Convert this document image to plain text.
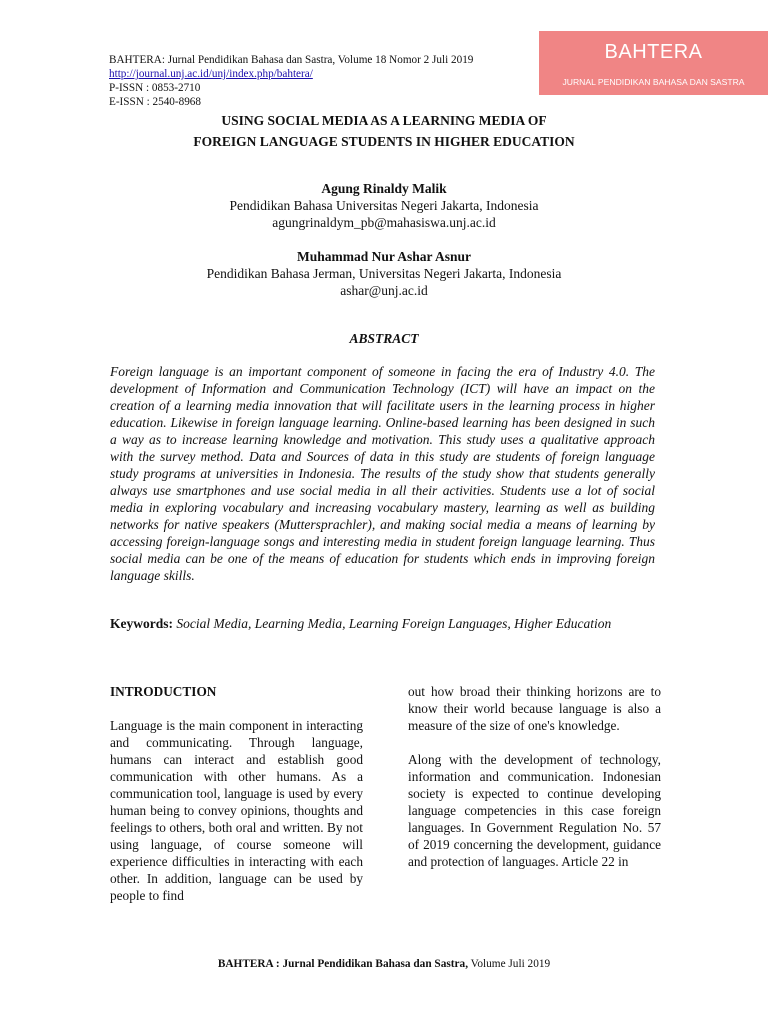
BAHTERA: Jurnal Pendidikan Bahasa dan Sastra, Volume 18 Nomor 2 Juli 2019
http://journal.unj.ac.id/unj/index.php/bahtera/
P-ISSN : 0853-2710
E-ISSN : 2540-8968
BAHTERA
JURNAL PENDIDIKAN BAHASA DAN SASTRA
USING SOCIAL MEDIA AS A LEARNING MEDIA OF
FOREIGN LANGUAGE STUDENTS IN HIGHER EDUCATION
Agung Rinaldy Malik
Pendidikan Bahasa Universitas Negeri Jakarta, Indonesia
agungrinaldym_pb@mahasiswa.unj.ac.id
Muhammad Nur Ashar Asnur
Pendidikan Bahasa Jerman, Universitas Negeri Jakarta, Indonesia
ashar@unj.ac.id
ABSTRACT
Foreign language is an important component of someone in facing the era of Industry 4.0. The development of Information and Communication Technology (ICT) will have an impact on the creation of a learning media innovation that will facilitate users in the learning process in higher education. Likewise in foreign language learning. Online-based learning has been designed in such a way as to increase learning knowledge and motivation. This study uses a qualitative approach with the survey method. Data and Sources of data in this study are students of foreign language study programs at universities in Indonesia. The results of the study show that students generally always use smartphones and use social media in all their activities. Students use a lot of social media in exploring vocabulary and increasing vocabulary mastery, learning as well as building networks for native speakers (Muttersprachler), and making social media a means of learning by accessing foreign-language songs and interesting media in student foreign language learning. Thus social media can be one of the means of education for students which ends in improving foreign language skills.
Keywords: Social Media, Learning Media, Learning Foreign Languages, Higher Education
INTRODUCTION

Language is the main component in interacting and communicating. Through language, humans can interact and establish good communication with other humans. As a communication tool, language is used by every human being to convey opinions, thoughts and feelings to others, both oral and written. By not using language, of course someone will experience difficulties in interacting with each other. In addition, language can be used by people to find

out how broad their thinking horizons are to know their world because language is also a measure of the size of one's knowledge.

Along with the development of technology, information and communication. Indonesian society is expected to continue developing language competencies in this case foreign languages. In Government Regulation No. 57 of 2019 concerning the development, guidance and protection of languages. Article 22 in

BAHTERA : Jurnal Pendidikan Bahasa dan Sastra, Volume Juli 2019
